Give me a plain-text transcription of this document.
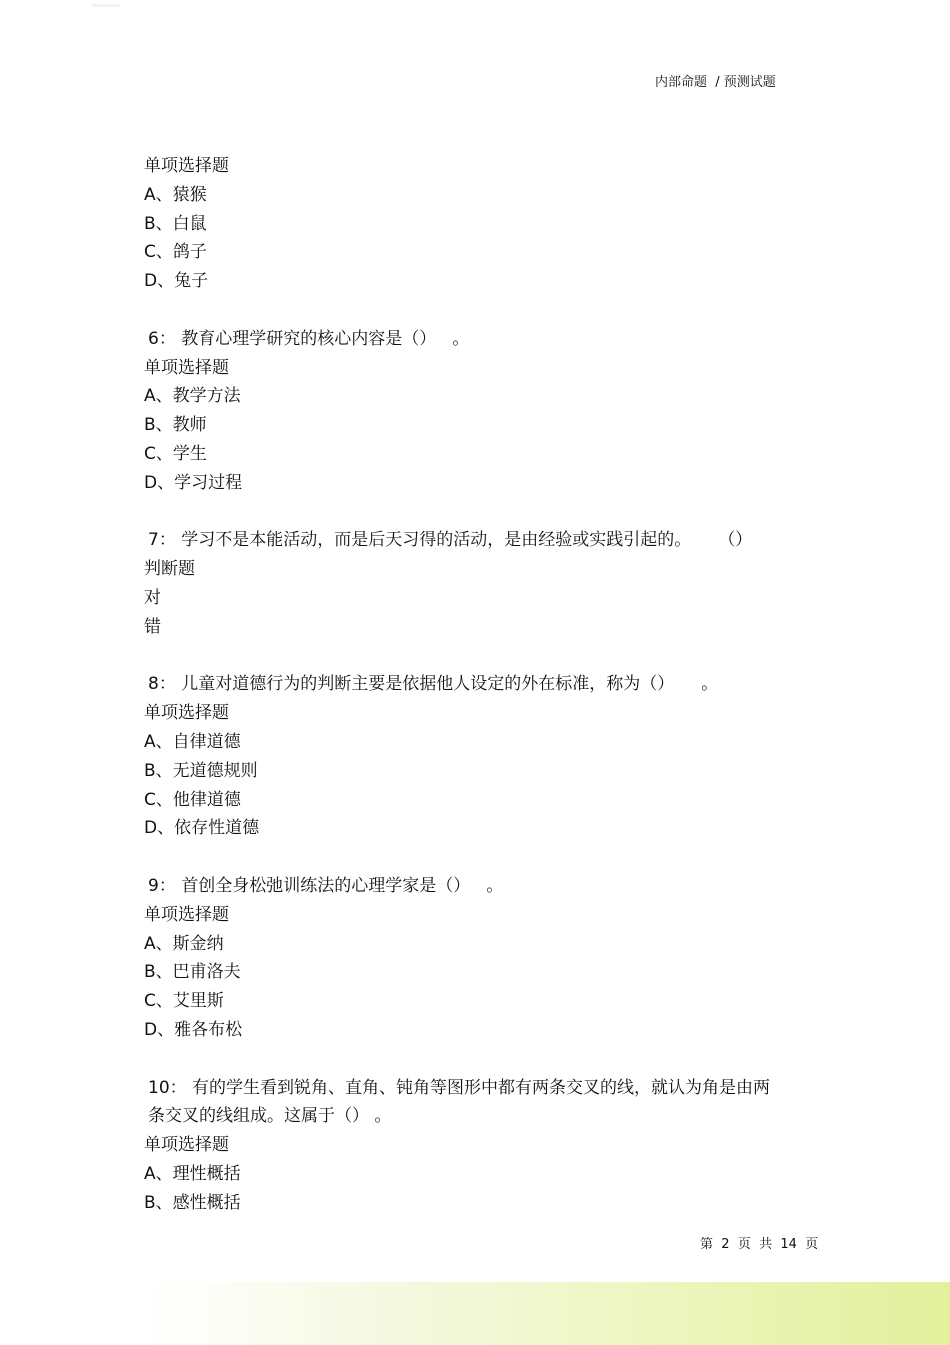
内部命题  / 预测试题
单项选择题
A、猿猴
B、白鼠
C、鸽子
D、兔子
6： 教育心理学研究的核心内容是（）   。
单项选择题
A、教学方法
B、教师
C、学生
D、学习过程
7： 学习不是本能活动，而是后天习得的活动，是由经验或实践引起的。     （）
判断题
对
错
8： 儿童对道德行为的判断主要是依据他人设定的外在标准，称为（）     。
单项选择题
A、自律道德
B、无道德规则
C、他律道德
D、依存性道德
9： 首创全身松弛训练法的心理学家是（）   。
单项选择题
A、斯金纳
B、巴甫洛夫
C、艾里斯
D、雅各布松
10： 有的学生看到锐角、直角、钝角等图形中都有两条交叉的线，就认为角是由两条交叉的线组成。这属于（） 。
单项选择题
A、理性概括
B、感性概括
第 2 页  共 14 页
